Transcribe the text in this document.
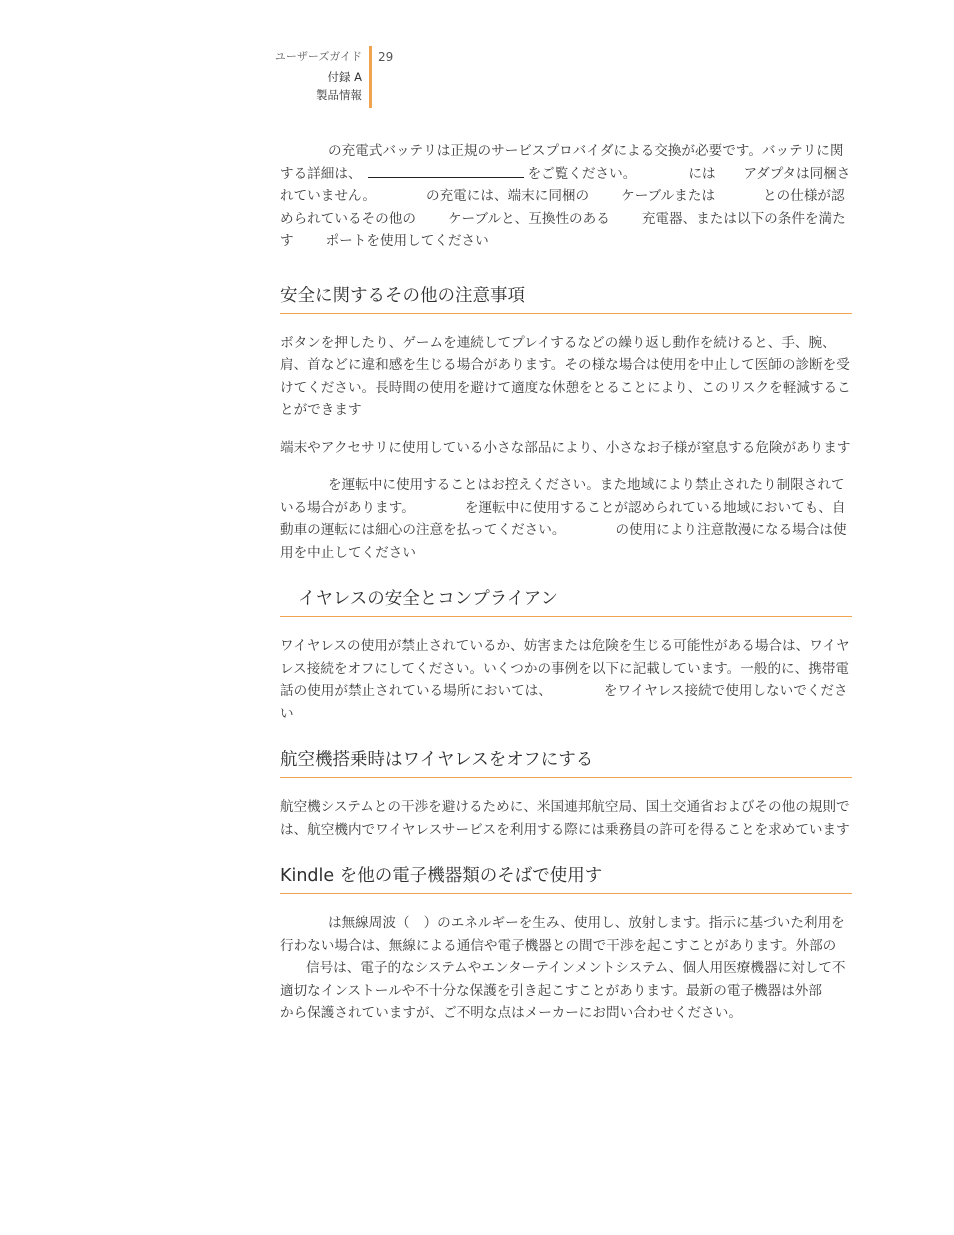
ユーザーズガイド
付録 A
製品情報
29

の充電式バッテリは正規のサービスプロバイダによる交換が必要です。バッテリに関する詳細は、	をご覧ください。	には アダプタは同梱されていません。	の充電には、端末に同梱の ケーブルまたは	との仕様が認められているその他の ケーブルと、互換性のある 充電器、または以下の条件を満たす ポートを使用してください

安全に関するその他の注意事項

ボタンを押したり、ゲームを連続してプレイするなどの繰り返し動作を続けると、手、腕、肩、首などに違和感を生じる場合があります。その様な場合は使用を中止して医師の診断を受けてください。長時間の使用を避けて適度な休憩をとることにより、このリスクを軽減することができます

端末やアクセサリに使用している小さな部品により、小さなお子様が窒息する危険があります

を運転中に使用することはお控えください。また地域により禁止されたり制限されている場合があります。	を運転中に使用することが認められている地域においても、自動車の運転には細心の注意を払ってください。	の使用により注意散漫になる場合は使用を中止してください

イヤレスの安全とコンプライアン

ワイヤレスの使用が禁止されているか、妨害または危険を生じる可能性がある場合は、ワイヤレス接続をオフにしてください。いくつかの事例を以下に記載しています。一般的に、携帯電話の使用が禁止されている場所においては、	をワイヤレス接続で使用しないでください

航空機搭乗時はワイヤレスをオフにする

航空機システムとの干渉を避けるために、米国連邦航空局、国土交通省およびその他の規則では、航空機内でワイヤレスサービスを利用する際には乗務員の許可を得ることを求めています

Kindle を他の電子機器類のそばで使用す

は無線周波（ ）のエネルギーを生み、使用し、放射します。指示に基づいた利用を行わない場合は、無線による通信や電子機器との間で干渉を起こすことがあります。外部の信号は、電子的なシステムやエンターテインメントシステム、個人用医療機器に対して不適切なインストールや不十分な保護を引き起こすことがあります。最新の電子機器は外部から保護されていますが、ご不明な点はメーカーにお問い合わせください。
